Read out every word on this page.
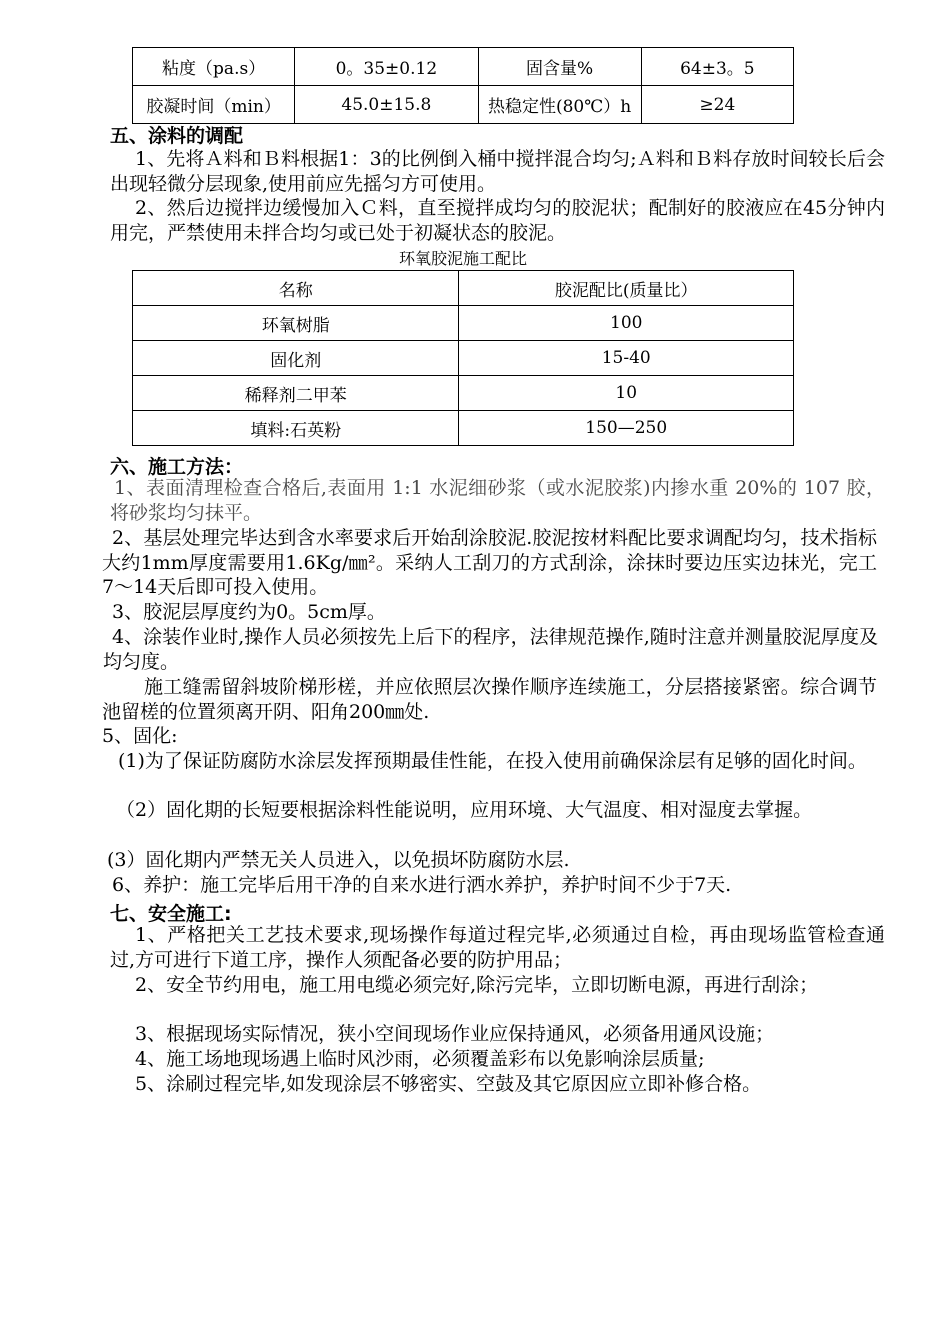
粘度（pa.s）	0。35±0.12	固含量%	64±3。5
胶凝时间（min）	45.0±15.8	热稳定性(80℃）h	≥24
五、涂料的调配
1、先将Ａ料和Ｂ料根据1：3的比例倒入桶中搅拌混合均匀;Ａ料和Ｂ料存放时间较长后会出现轻微分层现象,使用前应先摇匀方可使用。
2、然后边搅拌边缓慢加入Ｃ料，直至搅拌成均匀的胶泥状；配制好的胶液应在45分钟内用完，严禁使用未拌合均匀或已处于初凝状态的胶泥。
环氧胶泥施工配比
名称	胶泥配比(质量比）
环氧树脂	100
固化剂	15-40
稀释剂二甲苯	10
填料:石英粉	150—250
六、施工方法：
1、表面清理检查合格后,表面用 1:1 水泥细砂浆（或水泥胶浆)内掺水重 20%的 107 胶，将砂浆均匀抹平。
2、基层处理完毕达到含水率要求后开始刮涂胶泥.胶泥按材料配比要求调配均匀，技术指标大约1mm厚度需要用1.6Kg/㎜²。采纳人工刮刀的方式刮涂，涂抹时要边压实边抹光，完工7～14天后即可投入使用。
3、胶泥层厚度约为0。5cm厚。
4、涂装作业时,操作人员必须按先上后下的程序，法律规范操作,随时注意并测量胶泥厚度及均匀度。
施工缝需留斜坡阶梯形槎，并应依照层次操作顺序连续施工，分层搭接紧密。综合调节池留槎的位置须离开阴、阳角200㎜处.
5、固化:
(1)为了保证防腐防水涂层发挥预期最佳性能，在投入使用前确保涂层有足够的固化时间。
（2）固化期的长短要根据涂料性能说明，应用环境、大气温度、相对湿度去掌握。
(3）固化期内严禁无关人员进入，以免损坏防腐防水层.
6、养护：施工完毕后用干净的自来水进行洒水养护，养护时间不少于7天.
七、安全施工:
1、严格把关工艺技术要求,现场操作每道过程完毕,必须通过自检，再由现场监管检查通过,方可进行下道工序，操作人须配备必要的防护用品；
2、安全节约用电，施工用电缆必须完好,除污完毕，立即切断电源，再进行刮涂；
3、根据现场实际情况，狭小空间现场作业应保持通风，必须备用通风设施；
4、施工场地现场遇上临时风沙雨，必须覆盖彩布以免影响涂层质量;
5、涂刷过程完毕,如发现涂层不够密实、空鼓及其它原因应立即补修合格。
